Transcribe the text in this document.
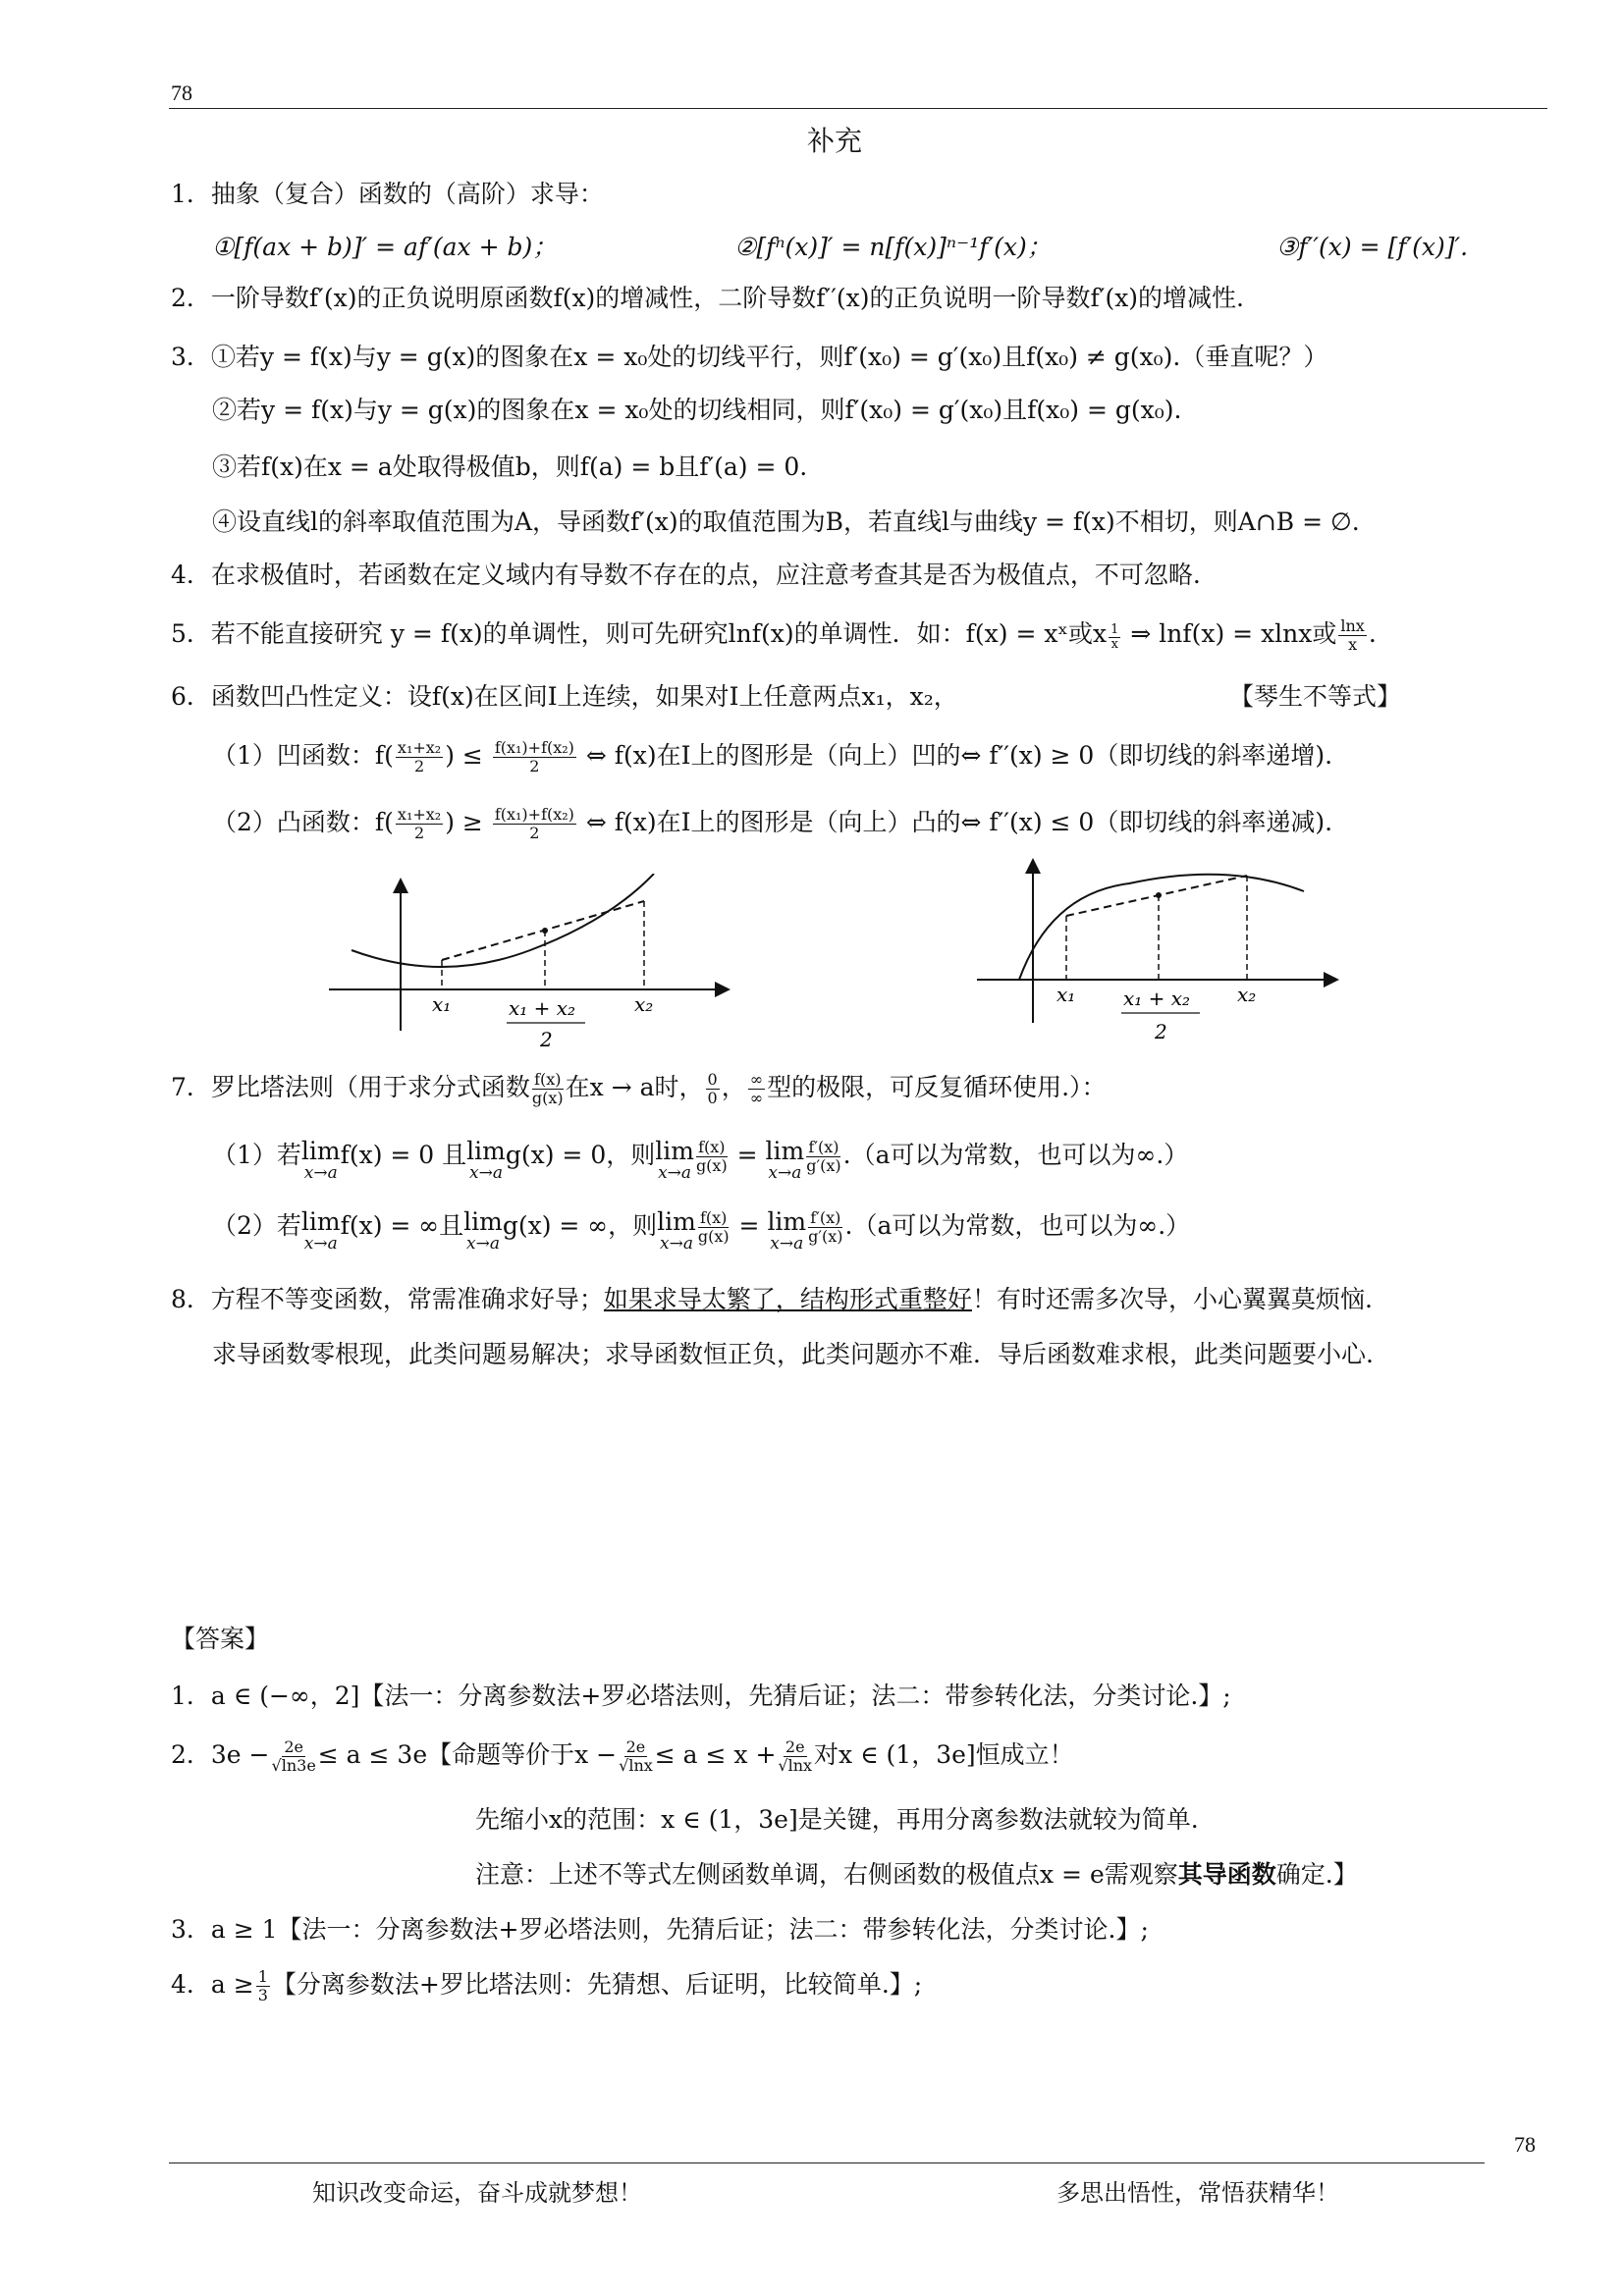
78
补充
1．抽象（复合）函数的（高阶）求导：
①[f(ax + b)]′ = af′(ax + b)；	②[fⁿ(x)]′ = n[f(x)]ⁿ⁻¹f′(x)；	③f′′(x) = [f′(x)]′.
2．一阶导数f′(x)的正负说明原函数f(x)的增减性，二阶导数f′′(x)的正负说明一阶导数f′(x)的增减性.
3．①若y = f(x)与y = g(x)的图象在x = x₀处的切线平行，则f′(x₀) = g′(x₀)且f(x₀) ≠ g(x₀).（垂直呢？）
②若y = f(x)与y = g(x)的图象在x = x₀处的切线相同，则f′(x₀) = g′(x₀)且f(x₀) = g(x₀).
③若f(x)在x = a处取得极值b，则f(a) = b且f′(a) = 0.
④设直线l的斜率取值范围为A，导函数f′(x)的取值范围为B，若直线l与曲线y = f(x)不相切，则A∩B = ∅.
4．在求极值时，若函数在定义域内有导数不存在的点，应注意考查其是否为极值点，不可忽略.
5．若不能直接研究 y = f(x)的单调性，则可先研究lnf(x)的单调性．如：f(x) = xˣ或x $\frac{1}{x}$ ⇒ lnf(x) = xlnx或 $\frac{\ln x}{x}$ .
6．函数凹凸性定义：设f(x)在区间I上连续，如果对I上任意两点x₁，x₂，	【琴生不等式】
（1）凹函数：$f( \frac{\text{x₁+x₂}}{2}$ ) ≤ $\frac{\text{f(x₁)+f(x₂)}}{2}$ ⇔ f(x)在I上的图形是（向上）凹的⇔ f′′(x) ≥ 0（即切线的斜率递增).
（2）凸函数：$f( \frac{\text{x₁+x₂}}{2}$ ) ≥ $\frac{\text{f(x₁)+f(x₂)}}{2}$ ⇔ f(x)在I上的图形是（向上）凸的⇔ f′′(x) ≤ 0（即切线的斜率递减).
x₁	x₂
x₁ + x₂
2
x₁	x₂
x₁ + x₂
2
7．罗比塔法则（用于求分式函数 $\frac{f(x)}{g(x)}$ 在x → a时， $\frac{0}{0}$ ， $\frac{\infty}{\infty}$ 型的极限，可反复循环使用.）：
（1）若 lim
x→a
f(x) = 0 且 lim
x→a
g(x) = 0，则 lim
$x\to a \frac{f(x)}{g(x)} = \lim$
$x\to a \frac{f'(x)}{g'(x)} .(a$可以为常数，也可以为∞.）
（2）若 lim
x→a
f(x) = ∞且 lim
x→a
g(x) = ∞，则 lim
$x\to a \frac{f(x)}{g(x)} = \lim$
$x\to a \frac{f'(x)}{g'(x)} .(a$可以为常数，也可以为∞.）
8．方程不等变函数，常需准确求好导；如果求导太繁了，结构形式重整好！有时还需多次导，小心翼翼莫烦恼.
求导函数零根现，此类问题易解决；求导函数恒正负，此类问题亦不难．导后函数难求根，此类问题要小心.
【答案】
1．a ∈ (−∞，2]【法一：分离参数法+罗必塔法则，先猜后证；法二：带参转化法，分类讨论.】;
2．$3e - \frac{2e}{√\ln 3e} \le a \le 3e$【命题等价于$x - \frac{2e}{√\ln x} \le a \le x + \frac{2e}{√\ln x}$ 对x ∈ (1，3e]恒成立！
先缩小x的范围：x ∈ (1，3e]是关键，再用分离参数法就较为简单.
注意：上述不等式左侧函数单调，右侧函数的极值点x = e需观察其导函数确定.】
3．a ≥ 1【法一：分离参数法+罗必塔法则，先猜后证；法二：带参转化法，分类讨论.】;
4．$a \ge \frac{1}{3}$ 【分离参数法+罗比塔法则：先猜想、后证明，比较简单.】;
78
知识改变命运，奋斗成就梦想！	多思出悟性，常悟获精华！
